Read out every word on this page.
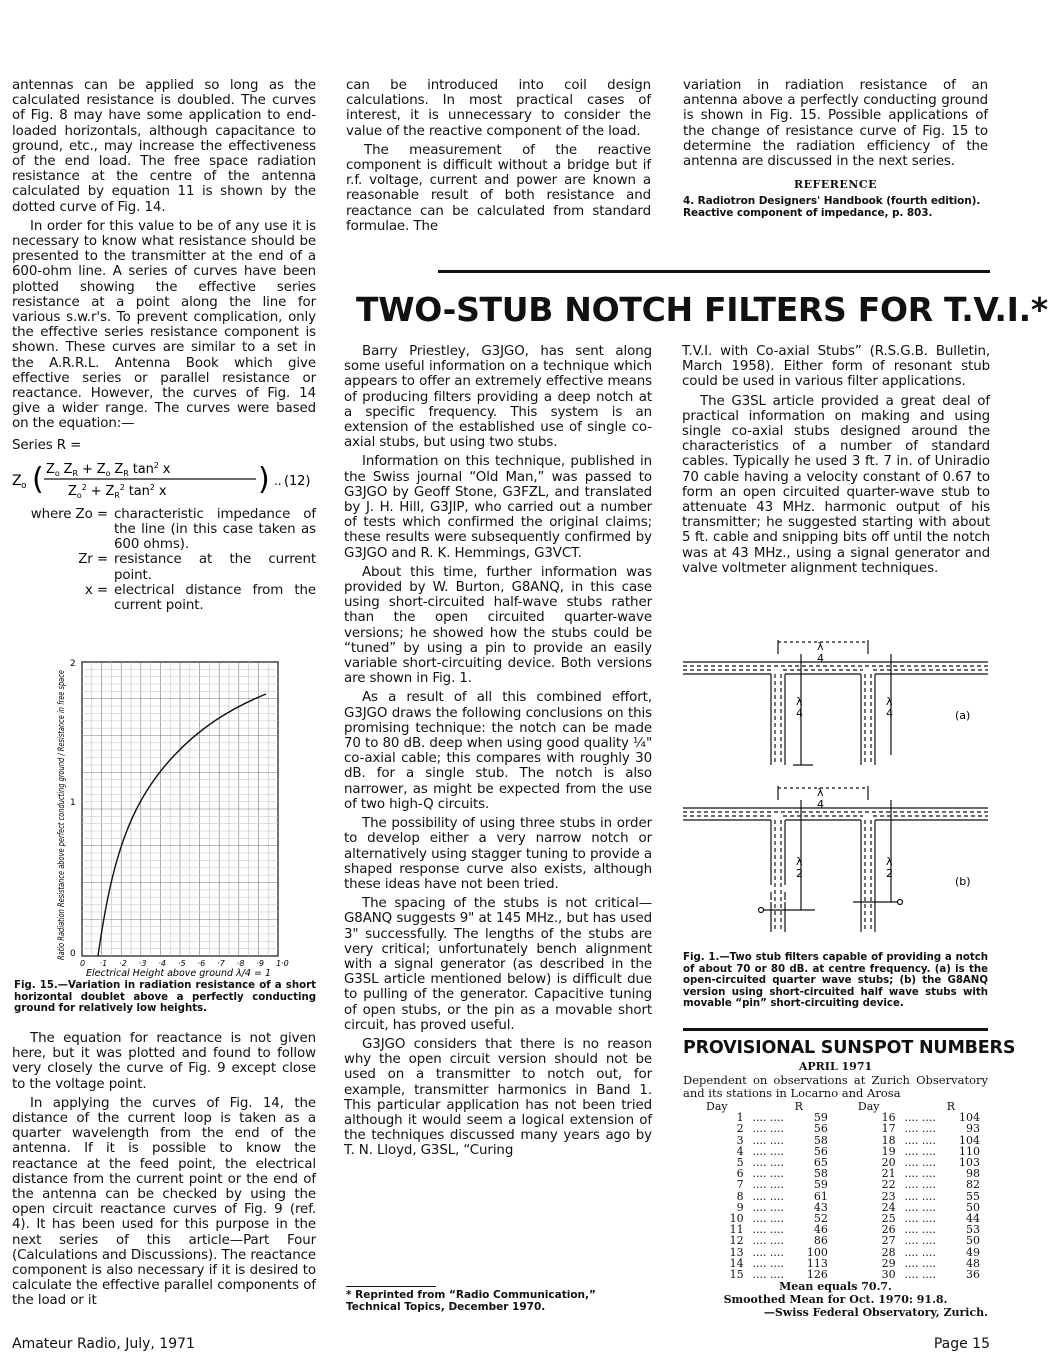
antennas can be applied so long as the calculated resistance is doubled. The curves of Fig. 8 may have some application to end-loaded horizontals, although capacitance to ground, etc., may increase the effectiveness of the end load. The free space radiation resistance at the centre of the antenna calculated by equation 11 is shown by the dotted curve of Fig. 14.

In order for this value to be of any use it is necessary to know what resistance should be presented to the transmitter at the end of a 600-ohm line. A series of curves have been plotted showing the effective series resistance at a point along the line for various s.w.r's. To prevent complication, only the effective series resistance component is shown. These curves are similar to a set in the A.R.R.L. Antenna Book which give effective series or parallel resistance or reactance. However, the curves of Fig. 14 give a wider range. The curves were based on the equation:—

Series R =
Z o ( $Z_o$ $Z_R + Z_o$ $Z_R$ $\tan^2 x$
$Z_o^2 + Z_R^2$ $\tan^2 x$	) .. (12)
where Zo =	characteristic impedance of the line (in this case taken as 600 ohms).
Zr =	resistance at the current point.
x =	electrical distance from the current point.
2
1
0
0 ·1 ·2 ·3 ·4 ·5 ·6 ·7 ·8 ·9 1·0
Electrical Height above ground λ/4 = 1
Ratio Radiation Resistance above perfect conducting ground / Resistance in free space
Fig. 15.—Variation in radiation resistance of a short horizontal doublet above a perfectly conducting ground for relatively low heights.

The equation for reactance is not given here, but it was plotted and found to follow very closely the curve of Fig. 9 except close to the voltage point.

In applying the curves of Fig. 14, the distance of the current loop is taken as a quarter wavelength from the end of the antenna. If it is possible to know the reactance at the feed point, the electrical distance from the current point or the end of the antenna can be checked by using the open circuit reactance curves of Fig. 9 (ref. 4). It has been used for this purpose in the next series of this article—Part Four (Calculations and Discussions). The reactance component is also necessary if it is desired to calculate the effective parallel components of the load or it

can be introduced into coil design calculations. In most practical cases of interest, it is unnecessary to consider the value of the reactive component of the load.

The measurement of the reactive component is difficult without a bridge but if r.f. voltage, current and power are known a reasonable result of both resistance and reactance can be calculated from standard formulae. The

variation in radiation resistance of an antenna above a perfectly conducting ground is shown in Fig. 15. Possible applications of the change of resistance curve of Fig. 15 to determine the radiation efficiency of the antenna are discussed in the next series.

REFERENCE
4. Radiotron Designers' Handbook (fourth edition). Reactive component of impedance, p. 803.
TWO-STUB NOTCH FILTERS FOR T.V.I.*

Barry Priestley, G3JGO, has sent along some useful information on a technique which appears to offer an extremely effective means of producing filters providing a deep notch at a specific frequency. This system is an extension of the established use of single co-axial stubs, but using two stubs.

Information on this technique, published in the Swiss journal “Old Man,” was passed to G3JGO by Geoff Stone, G3FZL, and translated by J. H. Hill, G3JIP, who carried out a number of tests which confirmed the original claims; these results were subsequently confirmed by G3JGO and R. K. Hemmings, G3VCT.

About this time, further information was provided by W. Burton, G8ANQ, in this case using short-circuited half-wave stubs rather than the open circuited quarter-wave versions; he showed how the stubs could be “tuned” by using a pin to provide an easily variable short-circuiting device. Both versions are shown in Fig. 1.

As a result of all this combined effort, G3JGO draws the following conclusions on this promising technique: the notch can be made 70 to 80 dB. deep when using good quality ¼" co-axial cable; this compares with roughly 30 dB. for a single stub. The notch is also narrower, as might be expected from the use of two high-Q circuits.

The possibility of using three stubs in order to develop either a very narrow notch or alternatively using stagger tuning to provide a shaped response curve also exists, although these ideas have not been tried.

The spacing of the stubs is not critical—G8ANQ suggests 9" at 145 MHz., but has used 3" successfully. The lengths of the stubs are very critical; unfortunately bench alignment with a signal generator (as described in the G3SL article mentioned below) is difficult due to pulling of the generator. Capacitive tuning of open stubs, or the pin as a movable short circuit, has proved useful.

G3JGO considers that there is no reason why the open circuit version should not be used on a transmitter to notch out, for example, transmitter harmonics in Band 1. This particular application has not been tried although it would seem a logical extension of the techniques discussed many years ago by T. N. Lloyd, G3SL, “Curing

T.V.I. with Co-axial Stubs” (R.S.G.B. Bulletin, March 1958). Either form of resonant stub could be used in various filter applications.

The G3SL article provided a great deal of practical information on making and using single co-axial stubs designed around the characteristics of a number of standard cables. Typically he used 3 ft. 7 in. of Uniradio 70 cable having a velocity constant of 0.67 to form an open circuited quarter-wave stub to attenuate 43 MHz. harmonic output of his transmitter; he suggested starting with about 5 ft. cable and snipping bits off until the notch was at 43 MHz., using a signal generator and valve voltmeter alignment techniques.

λ
4
λ
4
λ
4	(a)
λ
4
λ
2
λ
2
(b)
Fig. 1.—Two stub filters capable of providing a notch of about 70 or 80 dB. at centre frequency. (a) is the open-circuited quarter wave stubs; (b) the G8ANQ version using short-circuited half wave stubs with movable “pin” short-circuiting device.
PROVISIONAL SUNSPOT NUMBERS
APRIL 1971
Dependent on observations at Zurich Observatory and its stations in Locarno and Arosa
Day		R	Day		R
1	.... ....	59	16	.... ....	104
2	.... ....	56	17	.... ....	93
3	.... ....	58	18	.... ....	104
4	.... ....	56	19	.... ....	110
5	.... ....	65	20	.... ....	103
6	.... ....	58	21	.... ....	98
7	.... ....	59	22	.... ....	82
8	.... ....	61	23	.... ....	55
9	.... ....	43	24	.... ....	50
10	.... ....	52	25	.... ....	44
11	.... ....	46	26	.... ....	53
12	.... ....	86	27	.... ....	50
13	.... ....	100	28	.... ....	49
14	.... ....	113	29	.... ....	48
15	.... ....	126	30	.... ....	36
Mean equals 70.7.
Smoothed Mean for Oct. 1970: 91.8.
—Swiss Federal Observatory, Zurich.
* Reprinted from “Radio Communication,” Technical Topics, December 1970.
Amateur Radio, July, 1971	Page 15
